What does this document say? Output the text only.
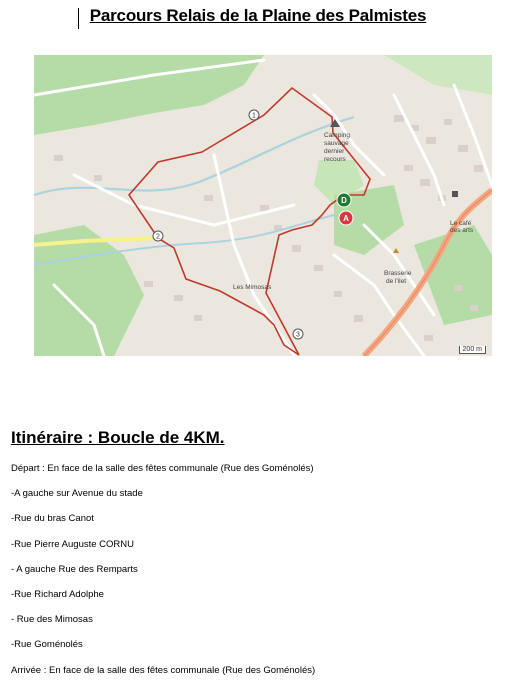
Parcours Relais de la Plaine des Palmistes
1
2
3
D
A
Camping
sauvage
dernier
recours
Brasserie
de l'ilet
Le café
des arts
Les Mimosas
200 m
Itinéraire : Boucle de 4KM.
Départ : En face de la salle des fêtes communale (Rue des Goménolés)
-A gauche sur Avenue du stade
-Rue du bras Canot
-Rue Pierre Auguste CORNU
- A gauche Rue des Remparts
-Rue Richard Adolphe
- Rue des Mimosas
-Rue Goménolés
Arrivée : En face de la salle des fêtes communale (Rue des Goménolés)
